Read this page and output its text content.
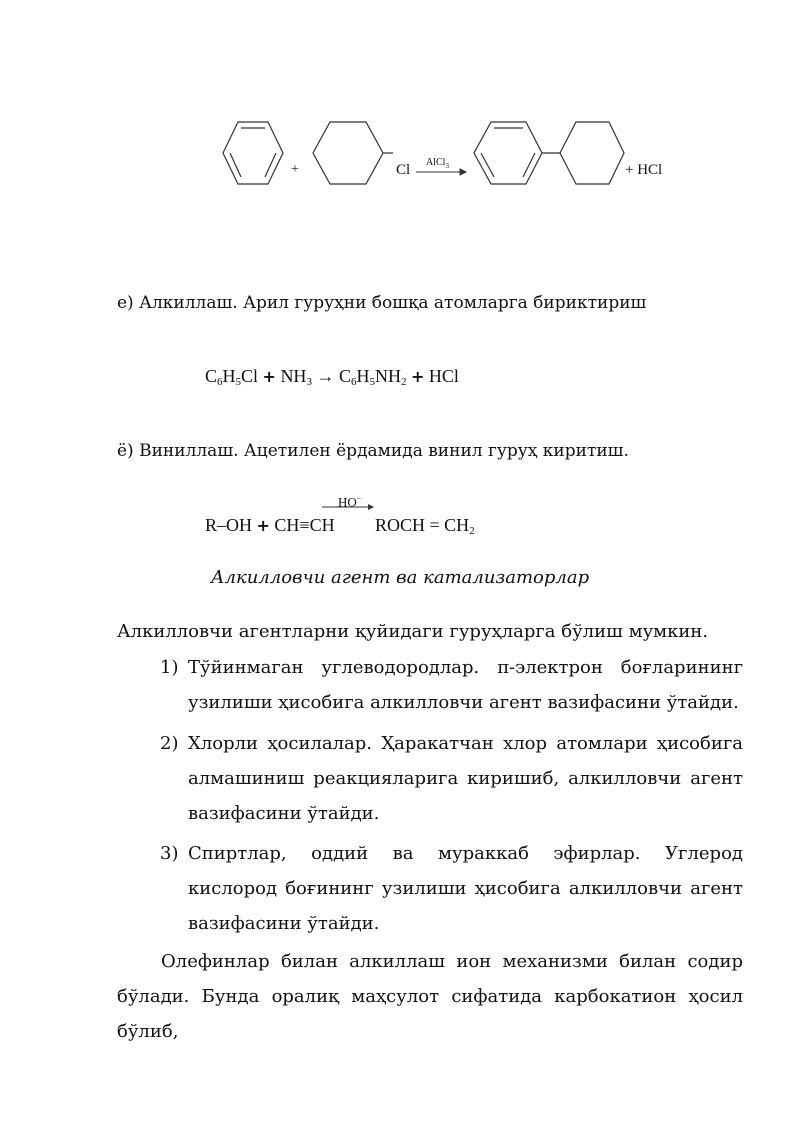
+	Cl AlCl$_3$	+ HCl
е) Алкиллаш. Арил гуруҳни бошқа атомларга бириктириш
$C_6H_5Cl + NH_3 \to C_6H_5NH_2$ + HCl
ё) Виниллаш. Ацетилен ёрдамида винил гуруҳ киритиш.
R–OH + CH≡CH
HO−
ROCH = $CH_2$
Алкилловчи агент ва катализаторлар
Алкилловчи агентларни қуйидаги гуруҳларга бўлиш мумкин.
1) Тўйинмаган углеводородлар. π-электрон боғларининг узилиши ҳисобига алкилловчи агент вазифасини ўтайди.
2) Хлорли ҳосилалар. Ҳаракатчан хлор атомлари ҳисобига алмашиниш реакцияларига киришиб, алкилловчи агент вазифасини ўтайди.
3) Спиртлар, оддий ва мураккаб эфирлар. Углерод кислород боғининг узилиши ҳисобига алкилловчи агент вазифасини ўтайди.
Олефинлар билан алкиллаш ион механизми билан содир бўлади. Бунда оралиқ маҳсулот сифатида карбокатион ҳосил бўлиб,
